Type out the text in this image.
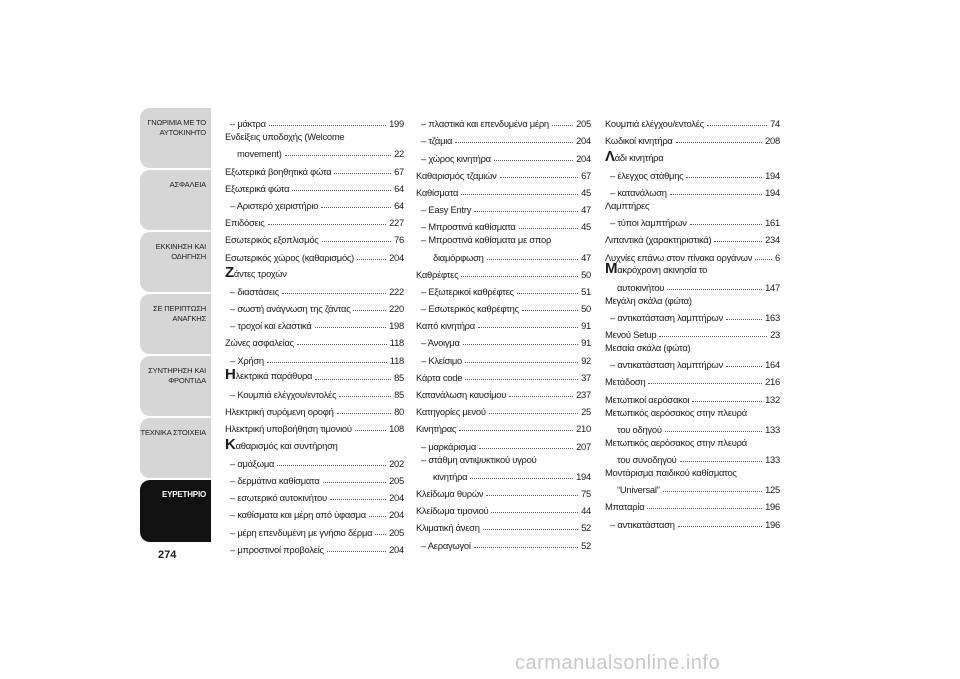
ΓΝΩΡΙΜΙΑ ΜΕ ΤΟ
ΑΥΤΟΚΙΝΗΤΟ
ΑΣΦΑΛΕΙΑ
ΕΚΚΙΝΗΣΗ ΚΑΙ
ΟΔΗΓΗΣΗ
ΣΕ ΠΕΡΙΠΤΩΣΗ
ΑΝΑΓΚΗΣ
ΣΥΝΤΗΡΗΣΗ ΚΑΙ
ΦΡΟΝΤΙΔΑ
ΤΕΧΝΙΚΑ ΣΤΟΙΧΕΙΑ
ΕΥΡΕΤΗΡΙΟ
274
– μάκτρα	199
Ενδείξεις υποδοχής (Welcome
movement)	22
Εξωτερικά βοηθητικά φώτα	67
Εξωτερικά φώτα	64
– Αριστερό χειριστήριο	64
Επιδόσεις	227
Εσωτερικός εξοπλισμός	76
Εσωτερικός χώρος (καθαρισμός)	204
Ζάντες τροχών
– διαστάσεις	222
– σωστή ανάγνωση της ζάντας	220
– τροχοί και ελαστικά	198
Ζώνες ασφαλείας	118
– Χρήση	118
Ηλεκτρικά παράθυρα	85
– Κουμπιά ελέγχου/εντολές	85
Ηλεκτρική συρόμενη οροφή	80
Ηλεκτρική υποβοήθηση τιμονιού	108
Καθαρισμός και συντήρηση
– αμάξωμα	202
– δερμάτινα καθίσματα	205
– εσωτερικό αυτοκινήτου	204
– καθίσματα και μέρη από ύφασμα 204
– μέρη επενδυμένη με γνήσιο δέρμα 205
– μπροστινοί προβολείς	204
– πλαστικά και επενδυμένα μέρη	205
– τζάμια	204
– χώρος κινητήρα	204
Καθαρισμός τζαμιών	67
Καθίσματα	45
– Easy Entry	47
– Μπροστινά καθίσματα	45
– Μπροστινά καθίσματα με σπορ
διαμόρφωση	47
Καθρέφτες	50
– Εξωτερικοί καθρέφτες	51
– Εσωτερικός καθρέφτης	50
Καπό κινητήρα	91
– Άνοιγμα	91
– Κλείσιμο	92
Κάρτα code	37
Κατανάλωση καυσίμου	237
Κατηγορίες μενού	25
Κινητήρας	210
– μαρκάρισμα	207
– στάθμη αντιψυκτικού υγρού
κινητήρα	194
Κλείδωμα θυρών	75
Κλείδωμα τιμονιού	44
Κλιματική άνεση	52
– Αεραγωγοί	52
Κουμπιά ελέγχου/εντολές	74
Κωδικοί κινητήρα	208
Λάδι κινητήρα
– έλεγχος στάθμης	194
– κατανάλωση	194
Λαμπτήρες
– τύποι λαμπτήρων	161
Λιπαντικά (χαρακτηριστικά)	234
Λυχνίες επάνω στον πίνακα οργάνων 6
Μακρόχρονη ακινησία το
αυτοκινήτου	147
Μεγάλη σκάλα (φώτα)
– αντικατάσταση λαμπτήρων	163
Μενού Setup	23
Μεσαία σκάλα (φώτα)
– αντικατάσταση λαμπτήρων	164
Μετάδοση	216
Μετωπικοί αερόσακοι	132
Μετωπικός αερόσακος στην πλευρά
του οδηγού	133
Μετωπικός αερόσακος στην πλευρά
του συνοδηγού	133
Μοντάρισμα παιδικού καθίσματος
“Universal”	125
Μπαταρία	196
– αντικατάσταση	196
carmanualsonline.info
